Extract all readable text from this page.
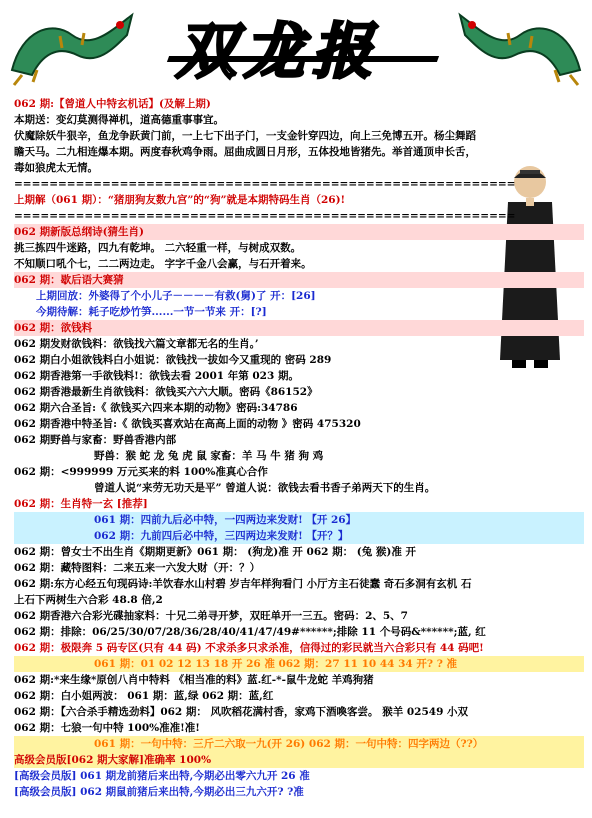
双龙报
062 期:【曾道人中特玄机话】(及解上期)
本期送：变幻莫测得禅机，道高德重事事宜。
伏魔除妖牛狠辛，鱼龙争跃黄门前，一上七下出子门，一支金针穿四边，向上三免博五开。杨尘舞蹈
瞻天马。二九相连爆本期。两度春秋鸡争雨。屈曲成圆日月形，五体投地皆猪先。举首通顶申长舌，
毒如狼虎太无情。
=========================================================
上期解（061 期）：“猪朋狗友数九宫”的“狗”就是本期特码生肖（26)!
=========================================================
062 期新版总纲诗(猜生肖)
挑三拣四牛迷路，四九有乾坤。 二六轻重一样，与树成双数。
不知顺口吼个七，二二两边走。 字字千金八会赢，与石开着来。
062 期：歇后语大赛猜
上期回放：外婆得了个小儿子－－－－有救(舅)了 开：[26]
今期待解：耗子吃炒竹笋......一节一节来 开：[?]
062 期：欲钱料
062 期发财欲钱料：欲钱找六篇文章都无名的生肖。’
062 期白小姐欲钱料白小姐说：欲钱找一拔如今又重现的 密码 289
062 期香港第一手欲钱料!：欲钱去看 2001 年第 023 期。
062 期香港最新生肖欲钱料：欲钱买六六大顺。密码《86152》
062 期六合圣旨:《 欲钱买六四来本期的动物》密码:34786
062 期香港中特圣旨:《 欲钱买喜欢站在高高上面的动物 》密码 475320
062 期野兽与家畜：野兽香港内部
野兽：猴 蛇 龙 兔 虎 鼠 家畜：羊 马 牛 猪 狗 鸡
062 期：<999999 万元买来的料 100%准真心合作
曾道人说“来劳无功天是平” 曾道人说：欲钱去看书香子弟两天下的生肖。
062 期：生肖特一玄 [推荐]
061 期：四前九后必中特，一四两边来发财! 【开 26】
062 期：九前四后必中特，三四两边来发财! 【开？】
062 期：曾女士不出生肖《期期更新》061 期： (狗龙)准 开 062 期： (兔 猴)准 开
062 期：藏特图料：二来五来一六发大财（开：？）
062 期:东方心经五句现码诗:羊饮春水山村碧 岁吉年样狗看门 小厅方主石徒蠢 奇石多洞有玄机 石
上石下两树生六合彩 48.8 倍,2
062 期香港六合彩光碟抽家料：十兄二弟寻开梦，双旺单开一三五。密码：2、5、7
062 期：排除：06/25/30/07/28/36/28/40/41/47/49#******;排除 11 个号码&******;蓝, 红
062 期：极限奔 5 码专区(只有 44 码) 不求杀多只求杀准，信得过的彩民就当六合彩只有 44 码吧!
061 期：01 02 12 13 18 开 26 准 062 期：27 11 10 44 34 开? ? 准
062 期:*来生缘*原创八肖中特料 《相当准的料》蓝.红-*-鼠牛龙蛇 羊鸡狗猪
062 期：白小姐两波： 061 期：蓝,绿 062 期：蓝,红
062 期：【六合杀手精选劲料】062 期： 风吹稻花满村香，家鸡下酒喚客尝。 猴羊 02549 小双
062 期：七狼一句中特 100%准准!准!
061 期：一句中特：三斤二六取一九(开 26) 062 期：一句中特：四字两边（??）
高级会员版[062 期大家解]准确率 100%
[高级会员版] 061 期龙前猪后来出特,今期必出零六九开 26 准
[高级会员版] 062 期鼠前猪后来出特,今期必出三九六开? ?准
